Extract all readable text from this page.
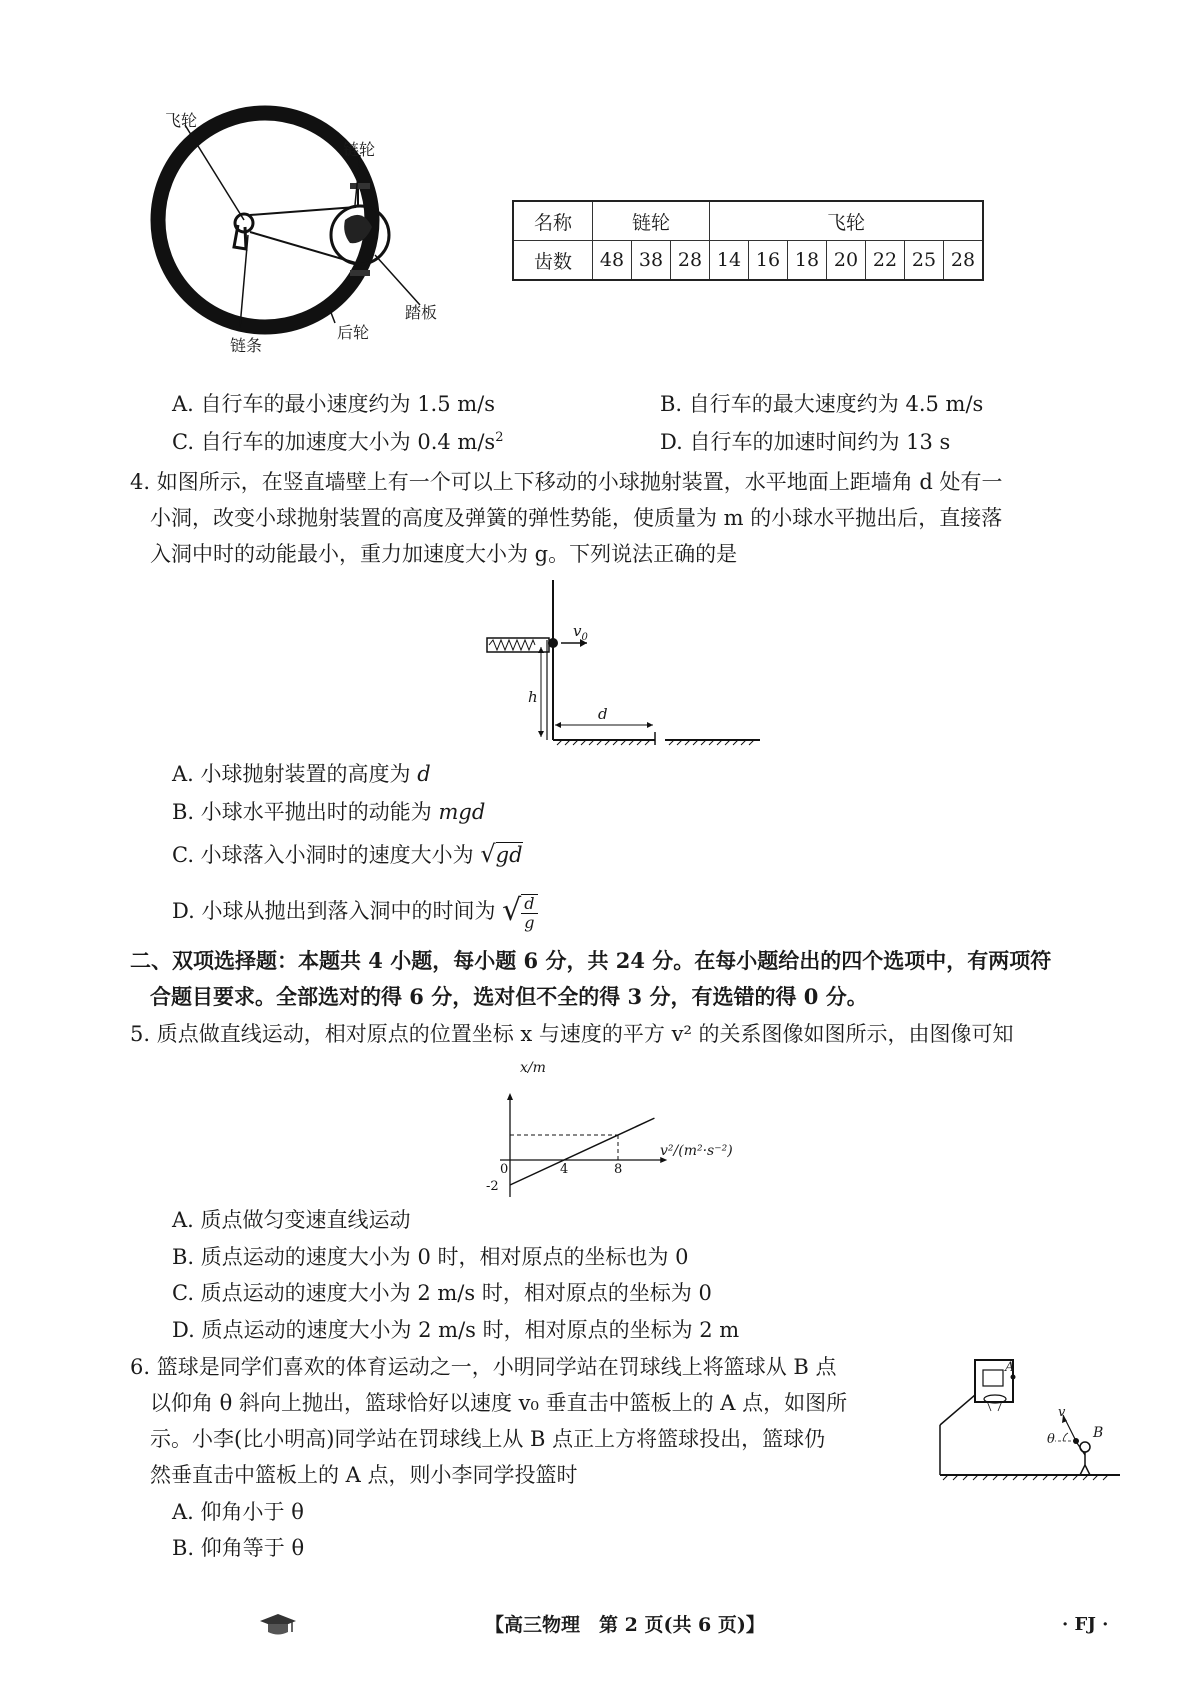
飞轮
链轮
踏板
后轮
链条
名称	链轮			飞轮						
齿数	48	38	28	14	16	18	20	22	25	28
A. 自行车的最小速度约为 1.5 m/s	B. 自行车的最大速度约为 4.5 m/s
C. 自行车的加速度大小为 0.4 $m/s^2$	D. 自行车的加速时间约为 13 s
4. 如图所示，在竖直墙壁上有一个可以上下移动的小球抛射装置，水平地面上距墙角 d 处有一
小洞，改变小球抛射装置的高度及弹簧的弹性势能，使质量为 m 的小球水平抛出后，直接落
入洞中时的动能最小，重力加速度大小为 g。下列说法正确的是
$v_0$
h
d
A. 小球抛射装置的高度为 d
B. 小球水平抛出时的动能为 mgd
C. 小球落入小洞时的速度大小为 √gd
D. 小球从抛出到落入洞中的时间为 √ $\frac{d}{g}$
二、双项选择题：本题共 4 小题，每小题 6 分，共 24 分。在每小题给出的四个选项中，有两项符
合题目要求。全部选对的得 6 分，选对但不全的得 3 分，有选错的得 0 分。
5. 质点做直线运动，相对原点的位置坐标 x 与速度的平方 v² 的关系图像如图所示，由图像可知
0	4	8
-2
x/m
v²/(m²·s⁻²)
A. 质点做匀变速直线运动
B. 质点运动的速度大小为 0 时，相对原点的坐标也为 0
C. 质点运动的速度大小为 2 m/s 时，相对原点的坐标为 0
D. 质点运动的速度大小为 2 m/s 时，相对原点的坐标为 2 m
6. 篮球是同学们喜欢的体育运动之一，小明同学站在罚球线上将篮球从 B 点
以仰角 θ 斜向上抛出，篮球恰好以速度 v₀ 垂直击中篮板上的 A 点，如图所
示。小李(比小明高)同学站在罚球线上从 B 点正上方将篮球投出，篮球仍
然垂直击中篮板上的 A 点，则小李同学投篮时
A
B
v
θ
A. 仰角小于 θ
B. 仰角等于 θ
【高三物理　第 2 页(共 6 页)】	· FJ ·
